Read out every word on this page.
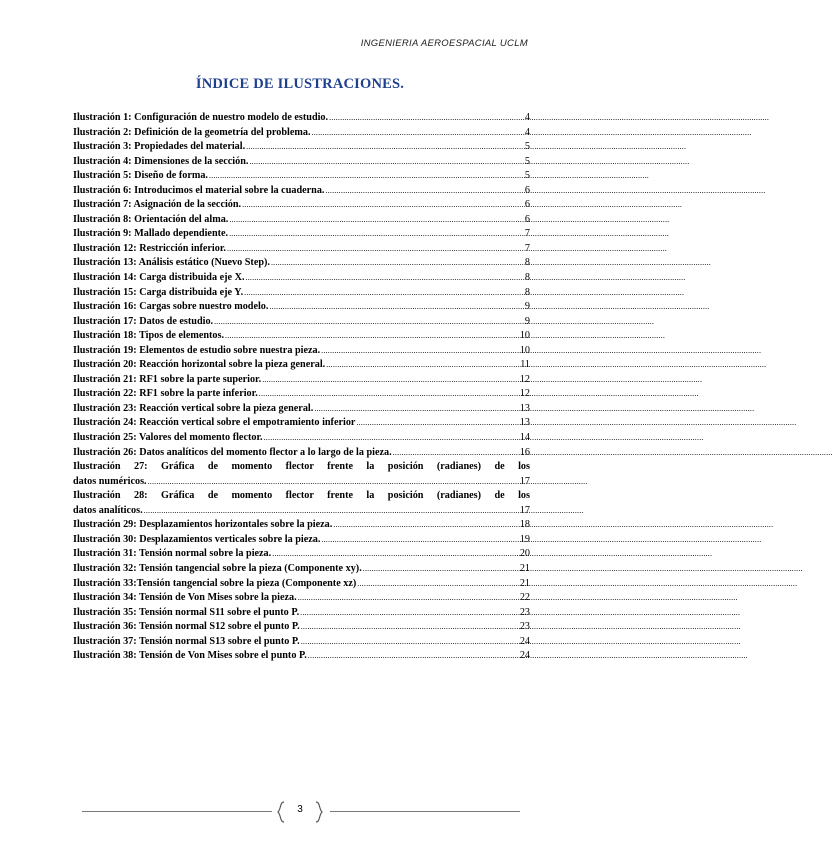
INGENIERIA AEROESPACIAL UCLM
ÍNDICE DE ILUSTRACIONES.
Ilustración 1: Configuración de nuestro modelo de estudio. .....	4
Ilustración 2: Definición de la geometría del problema. .....	4
Ilustración 3: Propiedades del material. .....	5
Ilustración 4: Dimensiones de la sección. .....	5
Ilustración 5: Diseño de forma. .....	5
Ilustración 6: Introducimos el material sobre la cuaderna. .....	6
Ilustración 7: Asignación de la sección. .....	6
Ilustración 8: Orientación del alma. .....	6
Ilustración 9: Mallado dependiente. .....	7
Ilustración 12: Restricción inferior. .....	7
Ilustración 13: Análisis estático (Nuevo Step). .....	8
Ilustración 14: Carga distribuida eje X. .....	8
Ilustración 15: Carga distribuida eje Y. .....	8
Ilustración 16: Cargas sobre nuestro modelo. .....	9
Ilustración 17: Datos de estudio. .....	9
Ilustración 18: Tipos de elementos. .....	10
Ilustración 19: Elementos de estudio sobre nuestra pieza. .....	10
Ilustración 20: Reacción horizontal sobre la pieza general. .....	11
Ilustración 21: RF1 sobre la parte superior. .....	12
Ilustración 22: RF1 sobre la parte inferior. .....	12
Ilustración 23: Reacción vertical sobre la pieza general. .....	13
Ilustración 24: Reacción vertical sobre el empotramiento inferior .....	13
Ilustración 25: Valores del momento flector. .....	14
Ilustración 26: Datos analíticos del momento flector a lo largo de la pieza. .....	16
Ilustración 27: Gráfica de momento flector frente la posición (radianes) de los
datos numéricos. .....	17
Ilustración 28: Gráfica de momento flector frente la posición (radianes) de los
datos analíticos. .....	17
Ilustración 29: Desplazamientos horizontales sobre la pieza. .....	18
Ilustración 30: Desplazamientos verticales sobre la pieza. .....	19
Ilustración 31: Tensión normal sobre la pieza. .....	20
Ilustración 32: Tensión tangencial sobre la pieza (Componente xy). .....	21
Ilustración 33:Tensión tangencial sobre la pieza (Componente xz) .....	21
Ilustración 34: Tensión de Von Mises sobre la pieza. .....	22
Ilustración 35: Tensión normal S11 sobre el punto P. .....	23
Ilustración 36: Tensión normal S12 sobre el punto P. .....	23
Ilustración 37: Tensión normal S13 sobre el punto P. .....	24
Ilustración 38: Tensión de Von Mises sobre el punto P. .....	24
3
